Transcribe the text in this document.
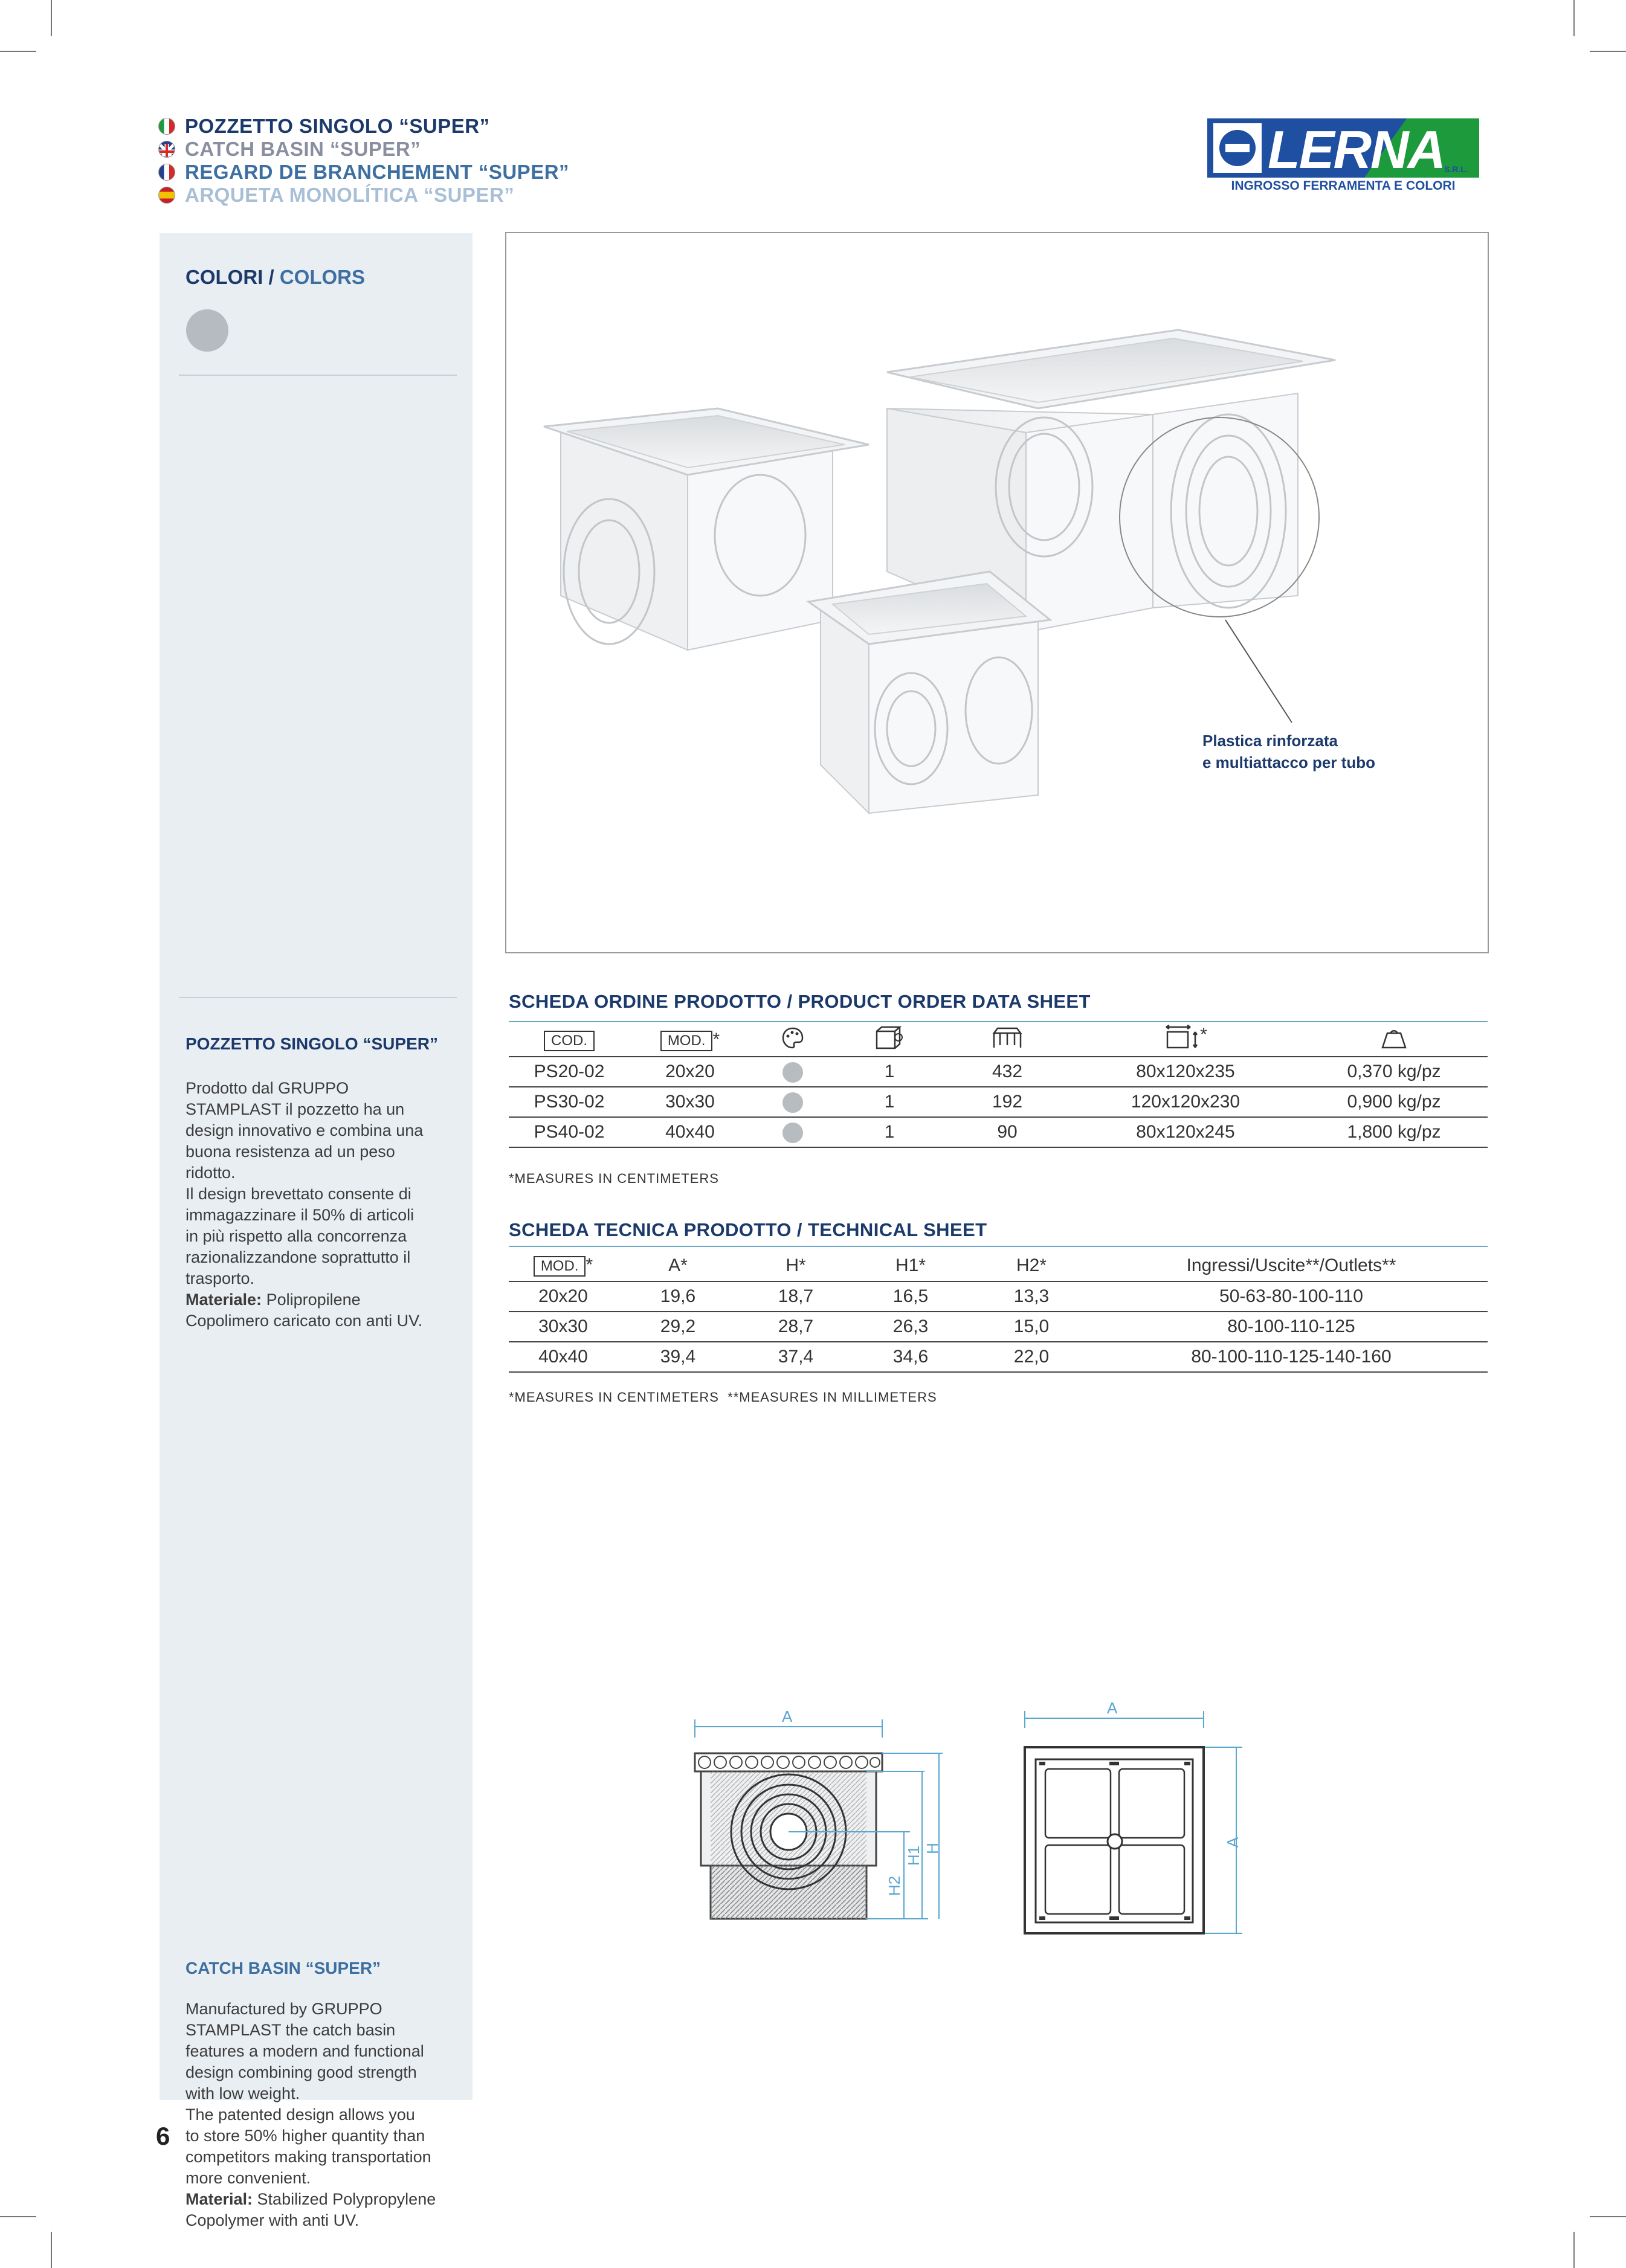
POZZETTO SINGOLO “SUPER”
CATCH BASIN “SUPER”
REGARD DE BRANCHEMENT “SUPER”
ARQUETA MONOLÍTICA “SUPER”
LERNA
S.R.L.
INGROSSO FERRAMENTA E COLORI
COLORI / COLORS
POZZETTO SINGOLO “SUPER”
Prodotto dal GRUPPO
STAMPLAST il pozzetto ha un
design innovativo e combina una
buona resistenza ad un peso
ridotto.
Il design brevettato consente di
immagazzinare il 50% di articoli
in più rispetto alla concorrenza
razionalizzandone soprattutto il
trasporto.
Materiale: Polipropilene
Copolimero caricato con anti UV.
CATCH BASIN “SUPER”
Manufactured by GRUPPO
STAMPLAST the catch basin
features a modern and functional
design combining good strength
with low weight.
The patented design allows you
to store 50% higher quantity than
competitors making transportation
more convenient.
Material: Stabilized Polypropylene
Copolymer with anti UV.
Plastica rinforzata
e multiattacco per tubo
SCHEDA ORDINE PRODOTTO / PRODUCT ORDER DATA SHEET
COD.	MOD. *				*	
PS20-02	20x20		1	432	80x120x235	0,370 kg/pz
PS30-02	30x30		1	192	120x120x230	0,900 kg/pz
PS40-02	40x40		1	90	80x120x245	1,800 kg/pz
*MEASURES IN CENTIMETERS
SCHEDA TECNICA PRODOTTO / TECHNICAL SHEET
MOD. *	A*	H*	H1*	H2*	Ingressi/Uscite**/Outlets**
20x20	19,6	18,7	16,5	13,3	50-63-80-100-110
30x30	29,2	28,7	26,3	15,0	80-100-110-125
40x40	39,4	37,4	34,6	22,0	80-100-110-125-140-160
*MEASURES IN CENTIMETERS  **MEASURES IN MILLIMETERS
A
H2
H1 H
A
A
6
